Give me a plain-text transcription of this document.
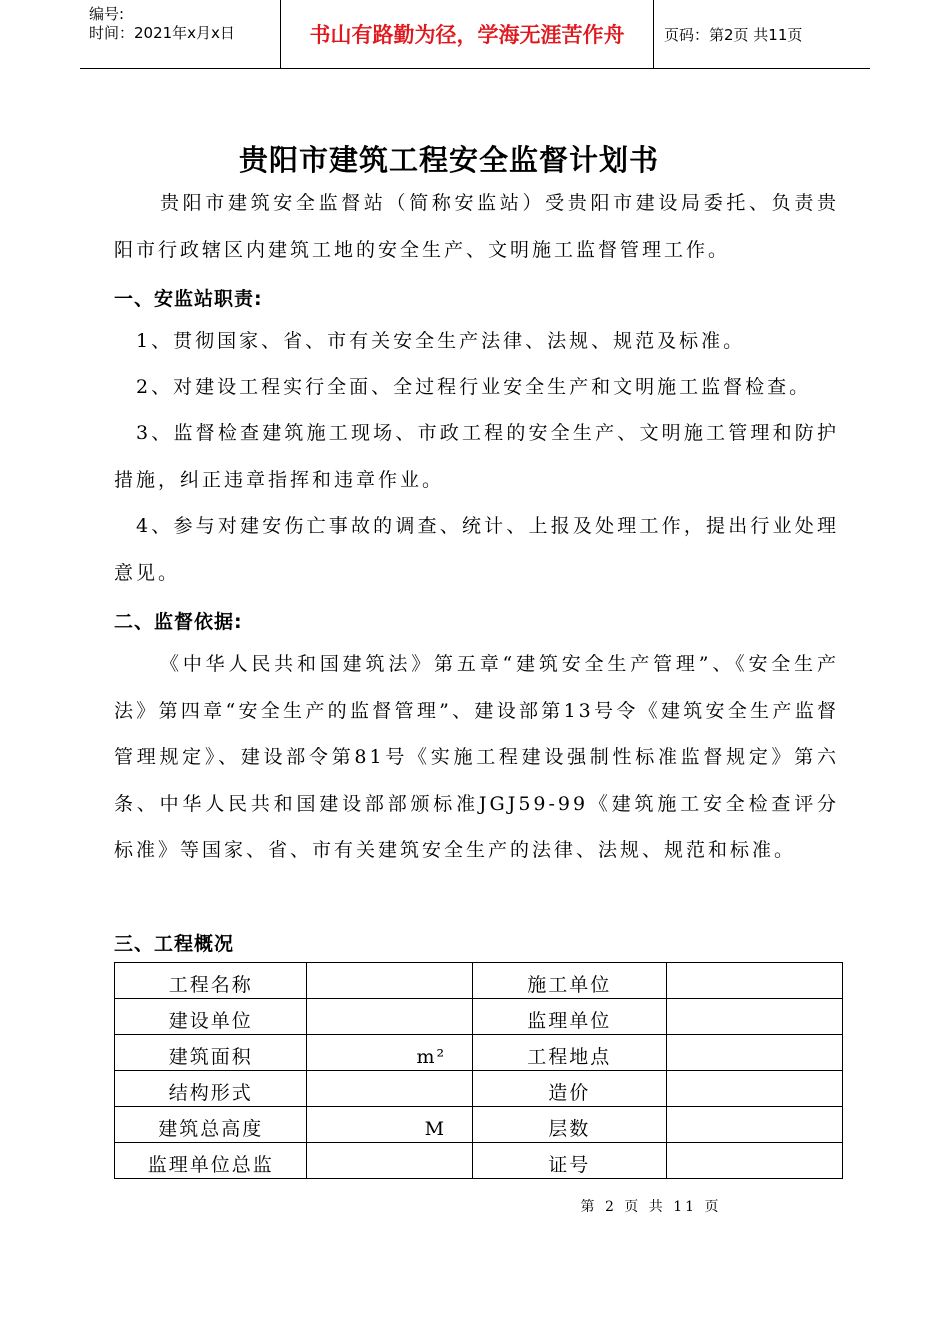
编号:
时间：2021年x月x日	书山有路勤为径，学海无涯苦作舟	页码：第2页 共11页
贵阳市建筑工程安全监督计划书

贵阳市建筑安全监督站（简称安监站）受贵阳市建设局委托、负责贵阳市行政辖区内建筑工地的安全生产、文明施工监督管理工作。

一、安监站职责:

1、贯彻国家、省、市有关安全生产法律、法规、规范及标准。

2、对建设工程实行全面、全过程行业安全生产和文明施工监督检查。

3、监督检查建筑施工现场、市政工程的安全生产、文明施工管理和防护措施，纠正违章指挥和违章作业。

4、参与对建安伤亡事故的调查、统计、上报及处理工作，提出行业处理意见。

二、监督依据:

《中华人民共和国建筑法》第五章“建筑安全生产管理”、《安全生产法》第四章“安全生产的监督管理”、建设部第13号令《建筑安全生产监督管理规定》、建设部令第81号《实施工程建设强制性标准监督规定》第六条、中华人民共和国建设部部颁标准JGJ59-99《建筑施工安全检查评分标准》等国家、省、市有关建筑安全生产的法律、法规、规范和标准。

三、工程概况
工程名称		施工单位	
建设单位		监理单位	
建筑面积	m²	工程地点	
结构形式		造价	
建筑总高度	M	层数	
监理单位总监		证号	
第 2 页 共 11 页
